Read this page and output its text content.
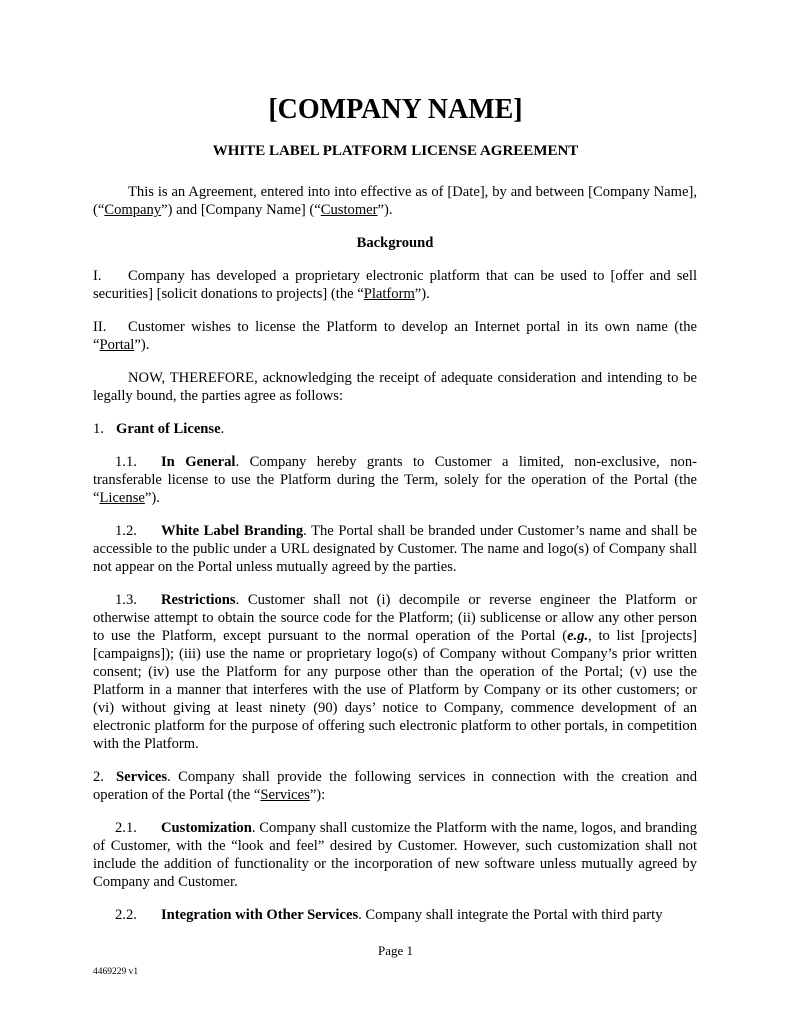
[COMPANY NAME]
WHITE LABEL PLATFORM LICENSE AGREEMENT

This is an Agreement, entered into into effective as of [Date], by and between [Company Name], (“Company”) and [Company Name] (“Customer”).

Background

I. Company has developed a proprietary electronic platform that can be used to [offer and sell securities] [solicit donations to projects] (the “Platform”).

II. Customer wishes to license the Platform to develop an Internet portal in its own name (the “Portal”).

NOW, THEREFORE, acknowledging the receipt of adequate consideration and intending to be legally bound, the parties agree as follows:

1. Grant of License.

1.1. In General. Company hereby grants to Customer a limited, non-exclusive, non-transferable license to use the Platform during the Term, solely for the operation of the Portal (the “License”).

1.2. White Label Branding. The Portal shall be branded under Customer’s name and shall be accessible to the public under a URL designated by Customer. The name and logo(s) of Company shall not appear on the Portal unless mutually agreed by the parties.

1.3. Restrictions. Customer shall not (i) decompile or reverse engineer the Platform or otherwise attempt to obtain the source code for the Platform; (ii) sublicense or allow any other person to use the Platform, except pursuant to the normal operation of the Portal (e.g., to list [projects] [campaigns]); (iii) use the name or proprietary logo(s) of Company without Company’s prior written consent; (iv) use the Platform for any purpose other than the operation of the Portal; (v) use the Platform in a manner that interferes with the use of Platform by Company or its other customers; or (vi) without giving at least ninety (90) days’ notice to Company, commence development of an electronic platform for the purpose of offering such electronic platform to other portals, in competition with the Platform.

2. Services. Company shall provide the following services in connection with the creation and operation of the Portal (the “Services”):

2.1. Customization. Company shall customize the Platform with the name, logos, and branding of Customer, with the “look and feel” desired by Customer. However, such customization shall not include the addition of functionality or the incorporation of new software unless mutually agreed by Company and Customer.

2.2. Integration with Other Services. Company shall integrate the Portal with third party

Page 1
4469229 v1
